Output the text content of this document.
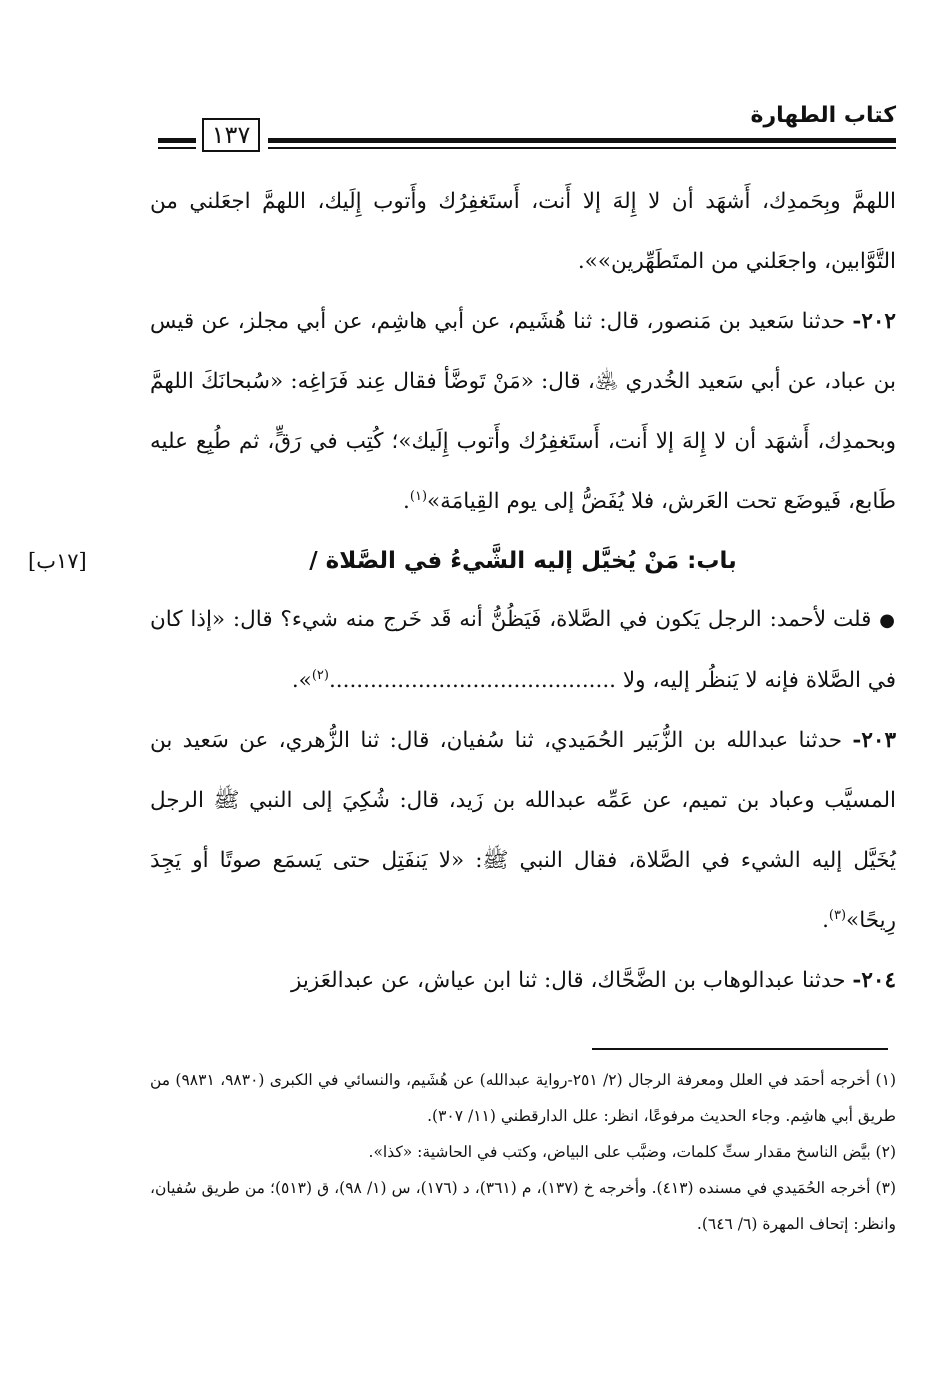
كتاب الطهارة
١٣٧

اللهمَّ وبِحَمدِك، أَشهَد أن لا إِلهَ إلا أَنت، أَستَغفِرُك وأَتوب إِلَيك، اللهمَّ اجعَلني من التَّوَّابين، واجعَلني من المتَطَهِّرين»».

٢٠٢- حدثنا سَعيد بن مَنصور، قال: ثنا هُشَيم، عن أبي هاشِم، عن أبي مجلز، عن قيس بن عباد، عن أبي سَعيد الخُدري ﵁، قال: «مَنْ تَوضَّأ فقال عِند فَرَاغِه: «سُبحانَكَ اللهمَّ وبحمدِك، أَشهَد أن لا إِلهَ إلا أَنت، أَستَغفِرُك وأَتوب إِلَيك»؛ كُتِب في رَقٍّ، ثم طُبِع عليه طَابع، فَيوضَع تحت العَرش، فلا يُفَضُّ إلى يوم القِيامَة»$^{(١)}$.

باب: مَنْ يُخيَّل إليه الشَّيءُ في الصَّلاة /
[١٧ب]

● قلت لأحمد: الرجل يَكون في الصَّلاة، فَيَظُنُّ أنه قَد خَرج منه شيء؟ قال: «إذا كان في الصَّلاة فإنه لا يَنظُر إليه، ولا ..........................................$^{(٢)}$».

٢٠٣- حدثنا عبدالله بن الزُّبَير الحُمَيدي، ثنا سُفيان، قال: ثنا الزُّهري، عن سَعيد بن المسيَّب وعباد بن تميم، عن عَمِّه عبدالله بن زَيد، قال: شُكِيَ إلى النبي ﷺ الرجل يُخَيَّل إليه الشيء في الصَّلاة، فقال النبي ﷺ: «لا يَنفَتِل حتى يَسمَع صوتًا أو يَجِدَ رِيحًا»$^{(٣)}$.

٢٠٤- حدثنا عبدالوهاب بن الضَّحَّاك، قال: ثنا ابن عياش، عن عبدالعَزيز

(١) أخرجه أحمَد في العلل ومعرفة الرجال (٢/ ٢٥١-رواية عبدالله) عن هُشَيم، والنسائي في الكبرى (٩٨٣٠، ٩٨٣١) من طريق أبي هاشِم. وجاء الحديث مرفوعًا، انظر: علل الدارقطني (١١/ ٣٠٧).

(٢) بيَّض الناسخ مقدار ستِّ كلمات، وضبَّب على البياض، وكتب في الحاشية: «كذا».

(٣) أخرجه الحُمَيدي في مسنده (٤١٣). وأخرجه خ (١٣٧)، م (٣٦١)، د (١٧٦)، س (١/ ٩٨)، ق (٥١٣)؛ من طريق سُفيان، وانظر: إتحاف المهرة (٦/ ٦٤٦).
